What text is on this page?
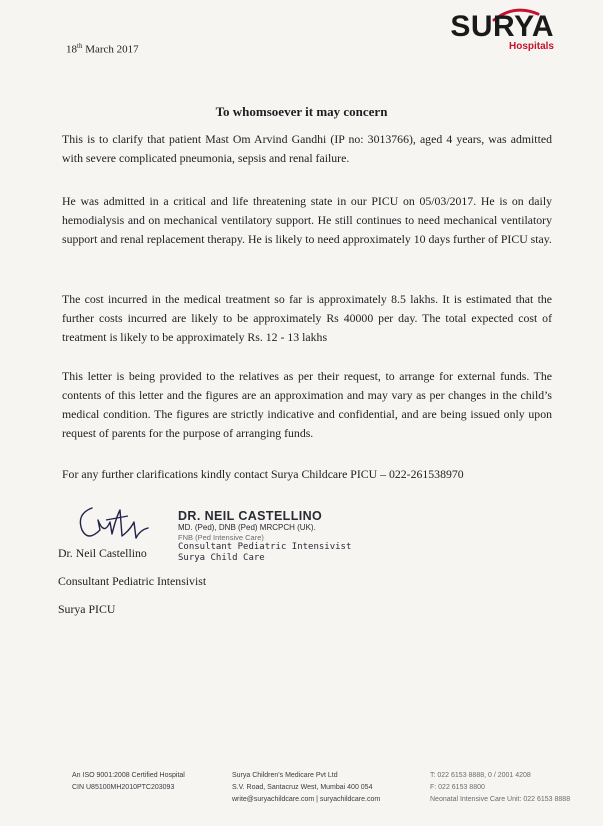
18th March 2017
SURYA
Hospitals
To whomsoever it may concern
This is to clarify that patient Mast Om Arvind Gandhi (IP no: 3013766), aged 4 years, was admitted with severe complicated pneumonia, sepsis and renal failure.
He was admitted in a critical and life threatening state in our PICU on 05/03/2017. He is on daily hemodialysis and on mechanical ventilatory support. He still continues to need mechanical ventilatory support and renal replacement therapy. He is likely to need approximately 10 days further of PICU stay.
The cost incurred in the medical treatment so far is approximately 8.5 lakhs. It is estimated that the further costs incurred are likely to be approximately Rs 40000 per day. The total expected cost of treatment is likely to be approximately Rs. 12 - 13 lakhs
This letter is being provided to the relatives as per their request, to arrange for external funds. The contents of this letter and the figures are an approximation and may vary as per changes in the child’s medical condition. The figures are strictly indicative and confidential, and are being issued only upon request of parents for the purpose of arranging funds.
For any further clarifications kindly contact Surya Childcare PICU – 022-261538970
Dr. Neil Castellino
Consultant Pediatric Intensivist
Surya PICU
DR. NEIL CASTELLINO
MD. (Ped), DNB (Ped) MRCPCH (UK).
FNB (Ped Intensive Care)
Consultant Pediatric Intensivist
Surya Child Care
An ISO 9001:2008 Certified Hospital
CIN U85100MH2010PTC203093
Surya Children's Medicare Pvt Ltd
S.V. Road, Santacruz West, Mumbai 400 054
write@suryachildcare.com | suryachildcare.com
T: 022 6153 8888, 0 / 2001 4208
F: 022 6153 8800
Neonatal Intensive Care Unit: 022 6153 8888
